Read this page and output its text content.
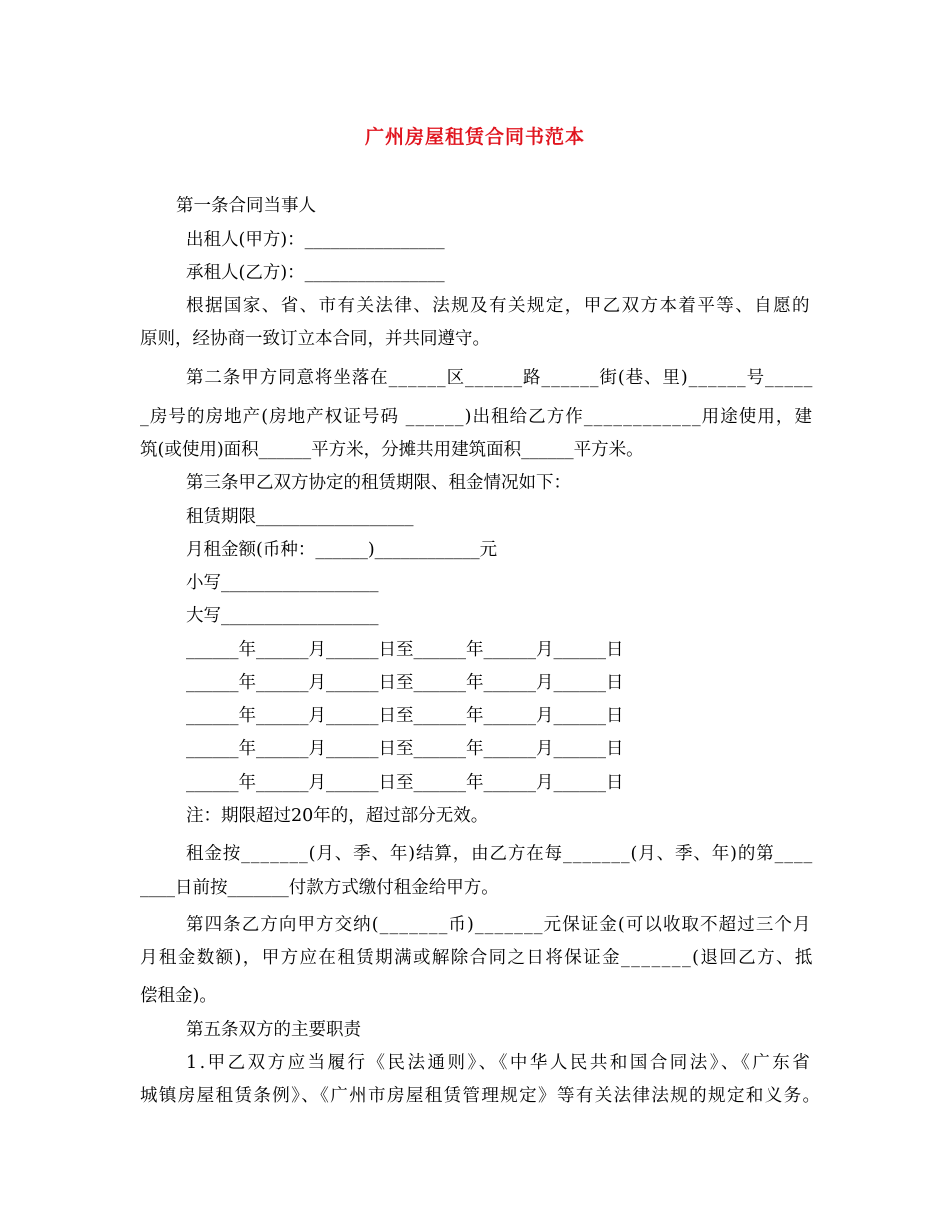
广州房屋租赁合同书范本
第一条合同当事人
出租人(甲方)：________________
承租人(乙方)：________________
根据国家、省、市有关法律、法规及有关规定，甲乙双方本着平等、自愿的
原则，经协商一致订立本合同，并共同遵守。
第二条甲方同意将坐落在______区______路______街(巷、里)______号_____
_房号的房地产(房地产权证号码 ______)出租给乙方作____________用途使用，建
筑(或使用)面积______平方米，分摊共用建筑面积______平方米。
第三条甲乙双方协定的租赁期限、租金情况如下：
租赁期限__________________
月租金额(币种：______)____________元
小写__________________
大写__________________
______年______月______日至______年______月______日
______年______月______日至______年______月______日
______年______月______日至______年______月______日
______年______月______日至______年______月______日
______年______月______日至______年______月______日
注：期限超过20年的，超过部分无效。
租金按_______(月、季、年)结算，由乙方在每_______(月、季、年)的第____
____日前按_______付款方式缴付租金给甲方。
第四条乙方向甲方交纳(_______币)_______元保证金(可以收取不超过三个月
月租金数额)，甲方应在租赁期满或解除合同之日将保证金_______(退回乙方、抵
偿租金)。
第五条双方的主要职责
1.甲乙双方应当履行《民法通则》、《中华人民共和国合同法》、《广东省
城镇房屋租赁条例》、《广州市房屋租赁管理规定》等有关法律法规的规定和义务。
